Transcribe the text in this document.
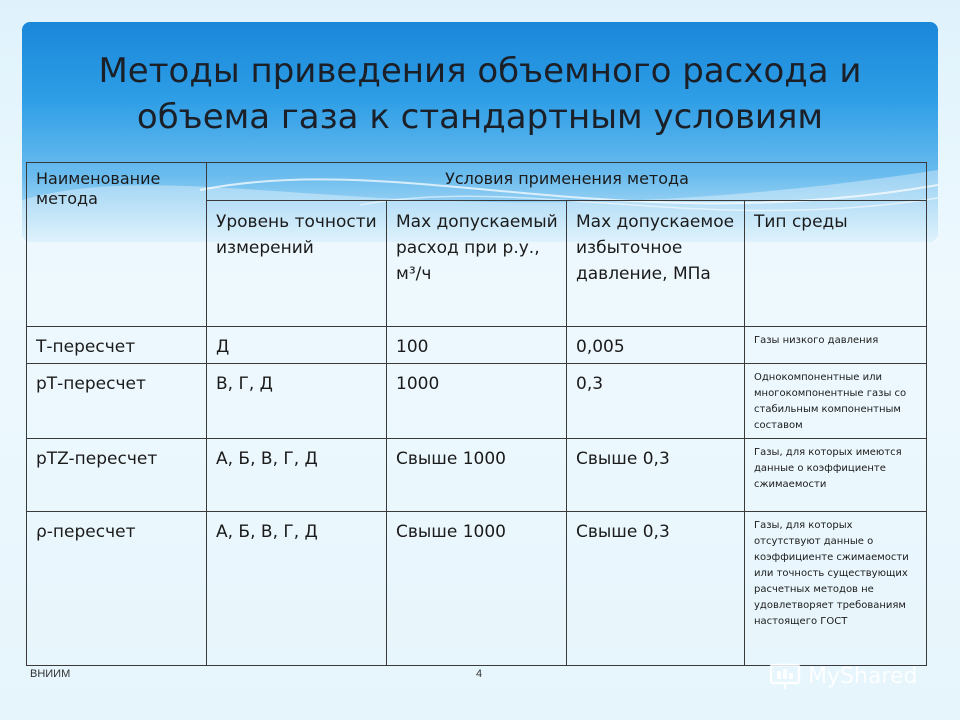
Методы приведения объемного расхода и объема газа к стандартным условиям
Наименование метода	Условия применения метода			
	Уровень точности измерений	Max допускаемый расход при р.у., м³/ч	Max допускаемое избыточное давление, МПа	Тип среды
Т-пересчет	Д	100	0,005	Газы низкого давления
рТ-пересчет	В, Г, Д	1000	0,3	Однокомпонентные или многокомпонентные газы со стабильным компонентным составом
рТZ-пересчет	А, Б, В, Г, Д	Свыше 1000	Свыше 0,3	Газы, для которых имеются данные о коэффициенте сжимаемости
ρ-пересчет	А, Б, В, Г, Д	Свыше 1000	Свыше 0,3	Газы, для которых отсутствуют данные о коэффициенте сжимаемости или точность существующих расчетных методов не удовлетворяет требованиям настоящего ГОСТ
ВНИИМ	4	MyShared
